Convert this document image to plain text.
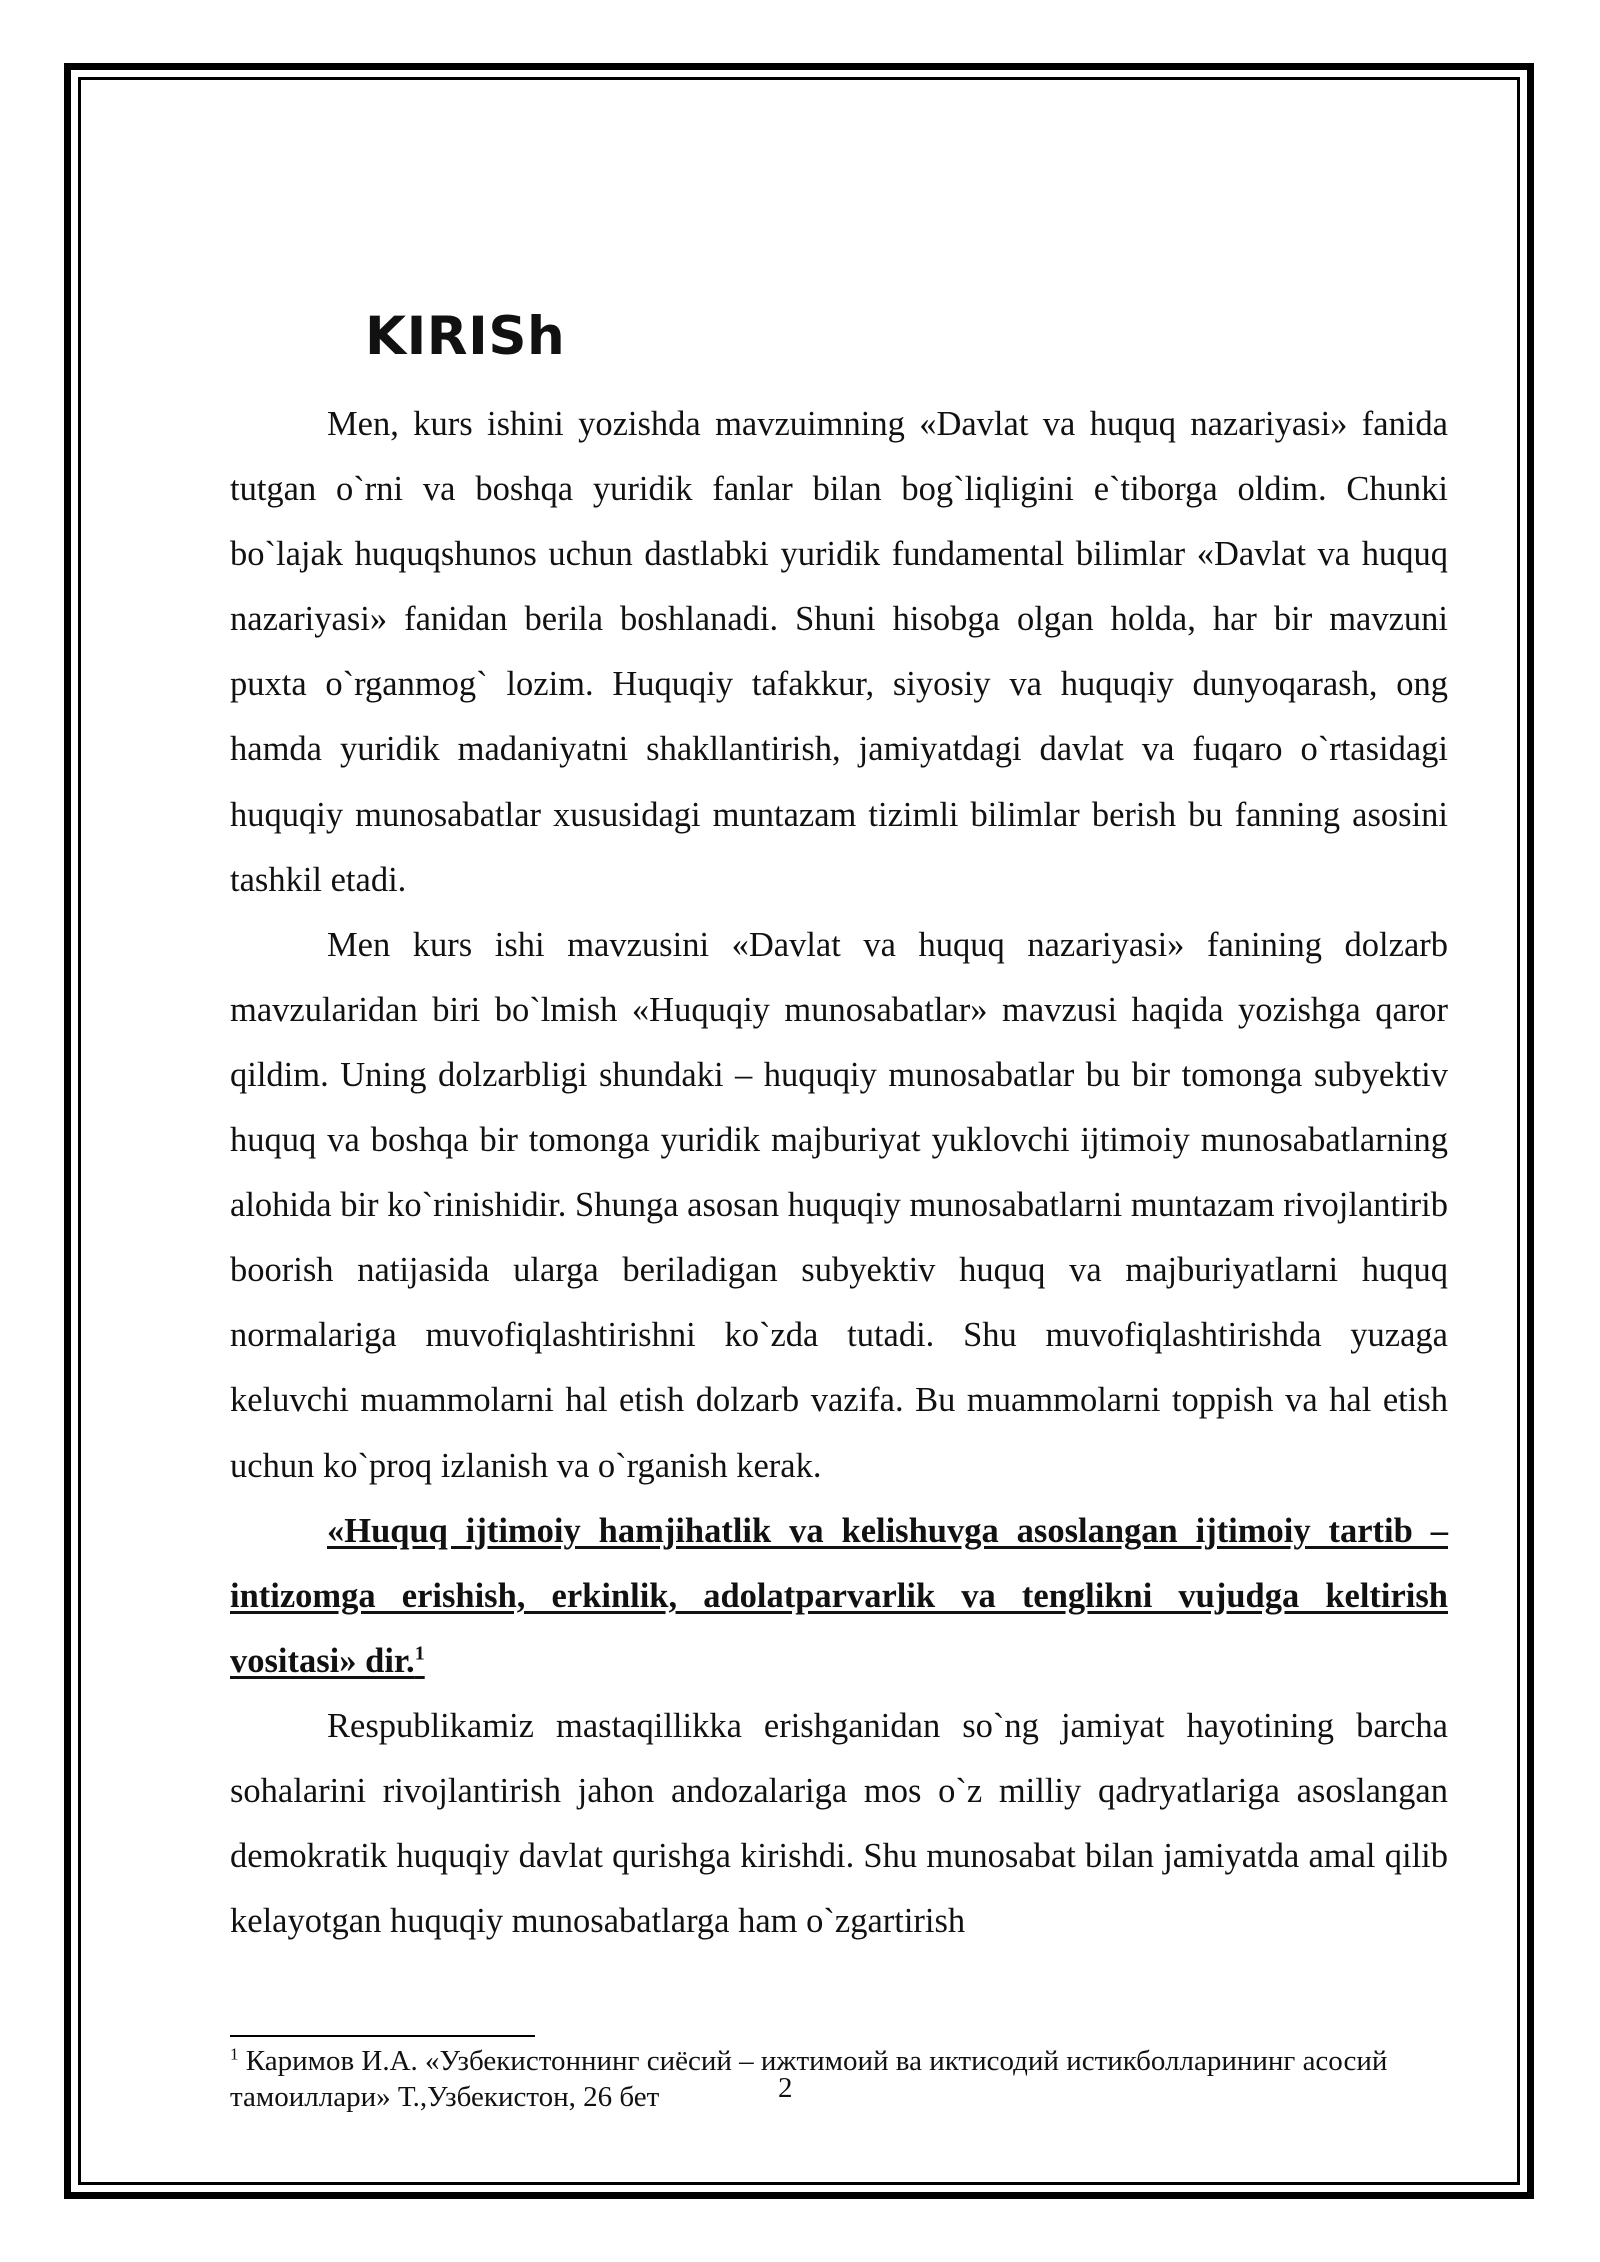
KIRISh

Men, kurs ishini yozishda mavzuimning «Davlat va huquq nazariyasi» fanida tutgan o`rni va boshqa yuridik fanlar bilan bog`liqligini e`tiborga oldim. Chunki bo`lajak huquqshunos uchun dastlabki yuridik fundamental bilimlar «Davlat va huquq nazariyasi» fanidan berila boshlanadi. Shuni hisobga olgan holda, har bir mavzuni puxta o`rganmog` lozim. Huquqiy tafakkur, siyosiy va huquqiy dunyoqarash, ong hamda yuridik madaniyatni shakllantirish, jamiyatdagi davlat va fuqaro o`rtasidagi huquqiy munosabatlar xususidagi muntazam tizimli bilimlar berish bu fanning asosini tashkil etadi.

Men kurs ishi mavzusini «Davlat va huquq nazariyasi» fanining dolzarb mavzularidan biri bo`lmish «Huquqiy munosabatlar» mavzusi haqida yozishga qaror qildim. Uning dolzarbligi shundaki – huquqiy munosabatlar bu bir tomonga subyektiv huquq va boshqa bir tomonga yuridik majburiyat yuklovchi ijtimoiy munosabatlarning alohida bir ko`rinishidir. Shunga asosan huquqiy munosabatlarni muntazam rivojlantirib boorish natijasida ularga beriladigan subyektiv huquq va majburiyatlarni huquq normalariga muvofiqlashtirishni ko`zda tutadi. Shu muvofiqlashtirishda yuzaga keluvchi muammolarni hal etish dolzarb vazifa. Bu muammolarni toppish va hal etish uchun ko`proq izlanish va o`rganish kerak.

«Huquq ijtimoiy hamjihatlik va kelishuvga asoslangan ijtimoiy tartib – intizomga erishish, erkinlik, adolatparvarlik va tenglikni vujudga keltirish vositasi» dir.$^1$

Respublikamiz mastaqillikka erishganidan so`ng jamiyat hayotining barcha sohalarini rivojlantirish jahon andozalariga mos o`z milliy qadryatlariga asoslangan demokratik huquqiy davlat qurishga kirishdi. Shu munosabat bilan jamiyatda amal qilib kelayotgan huquqiy munosabatlarga ham o`zgartirish

$^1$ Каримов И.А. «Узбекистоннинг сиёсий – ижтимоий ва иктисодий истикболларининг асосий тамоиллари» Т.,Узбекистон, 26 бет	2
